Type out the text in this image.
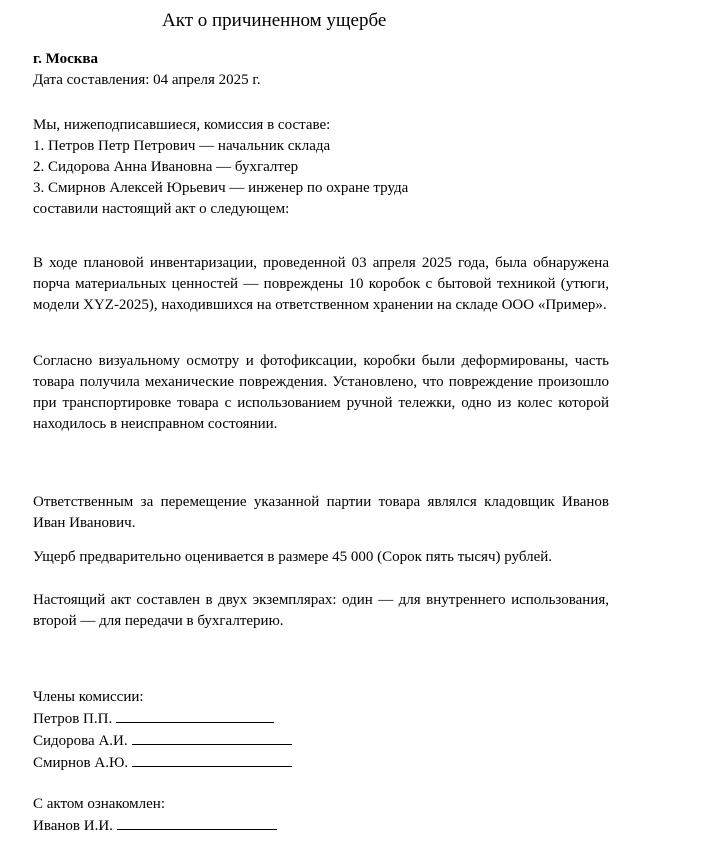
Акт о причиненном ущербе
г. Москва
Дата составления: 04 апреля 2025 г.
Мы, нижеподписавшиеся, комиссия в составе:
1. Петров Петр Петрович — начальник склада
2. Сидорова Анна Ивановна — бухгалтер
3. Смирнов Алексей Юрьевич — инженер по охране труда
составили настоящий акт о следующем:
В ходе плановой инвентаризации, проведенной 03 апреля 2025 года, была обнаружена порча материальных ценностей — повреждены 10 коробок с бытовой техникой (утюги, модели XYZ-2025), находившихся на ответственном хранении на складе ООО «Пример».
Согласно визуальному осмотру и фотофиксации, коробки были деформированы, часть товара получила механические повреждения. Установлено, что повреждение произошло при транспортировке товара с использованием ручной тележки, одно из колес которой находилось в неисправном состоянии.
Ответственным за перемещение указанной партии товара являлся кладовщик Иванов Иван Иванович.
Ущерб предварительно оценивается в размере 45 000 (Сорок пять тысяч) рублей.
Настоящий акт составлен в двух экземплярах: один — для внутреннего использования, второй — для передачи в бухгалтерию.
Члены комиссии:
Петров П.П.
Сидорова А.И.
Смирнов А.Ю.
С актом ознакомлен:
Иванов И.И.
